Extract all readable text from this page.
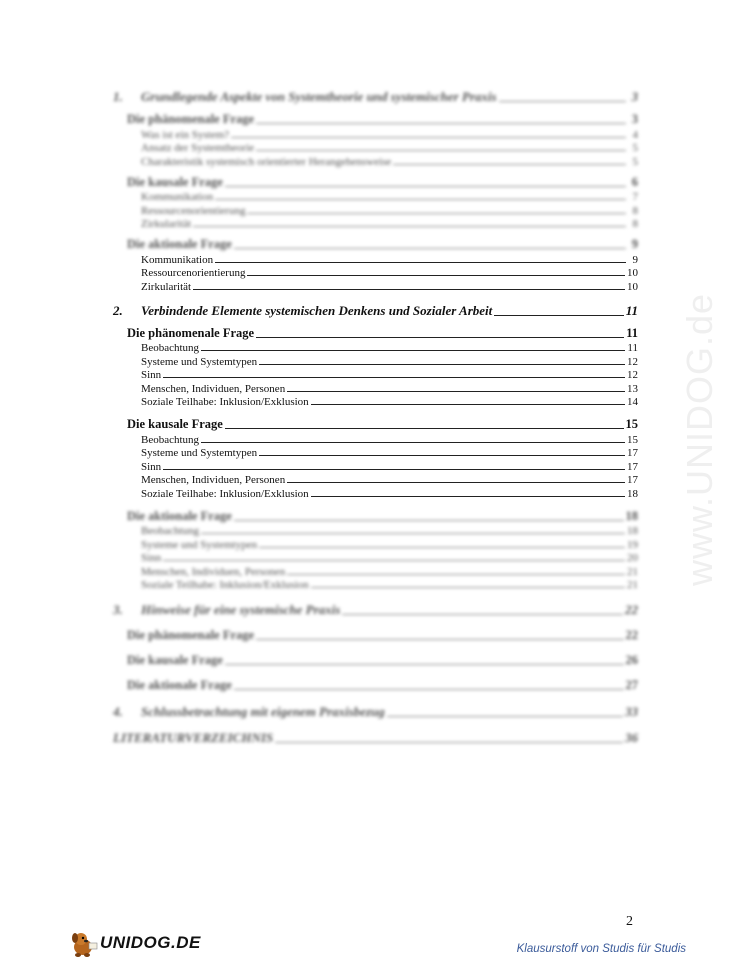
1. Grundlegende Aspekte von Systemtheorie und systemischer Praxis	3
Die phänomenale Frage	3
Was ist ein System?	4
Ansatz der Systemtheorie	5
Charakteristik systemisch orientierter Herangehensweise	5
Die kausale Frage	6
Kommunikation	7
Ressourcenorientierung	8
Zirkularität	8
Die aktionale Frage	9
Kommunikation	9
Ressourcenorientierung	10
Zirkularität	10
2. Verbindende Elemente systemischen Denkens und Sozialer Arbeit	11
Die phänomenale Frage	11
Beobachtung	11
Systeme und Systemtypen	12
Sinn	12
Menschen, Individuen, Personen	13
Soziale Teilhabe: Inklusion/Exklusion	14
Die kausale Frage	15
Beobachtung	15
Systeme und Systemtypen	17
Sinn	17
Menschen, Individuen, Personen	17
Soziale Teilhabe: Inklusion/Exklusion	18
Die aktionale Frage	18
Beobachtung	18
Systeme und Systemtypen	19
Sinn	20
Menschen, Individuen, Personen	21
Soziale Teilhabe: Inklusion/Exklusion	21
3. Hinweise für eine systemische Praxis	22
Die phänomenale Frage	22
Die kausale Frage	26
Die aktionale Frage	27
4. Schlussbetrachtung mit eigenem Praxisbezug	33
LITERATURVERZEICHNIS	36
www.UNIDOG.de
2
UNIDOG.DE	Klausurstoff von Studis für Studis
